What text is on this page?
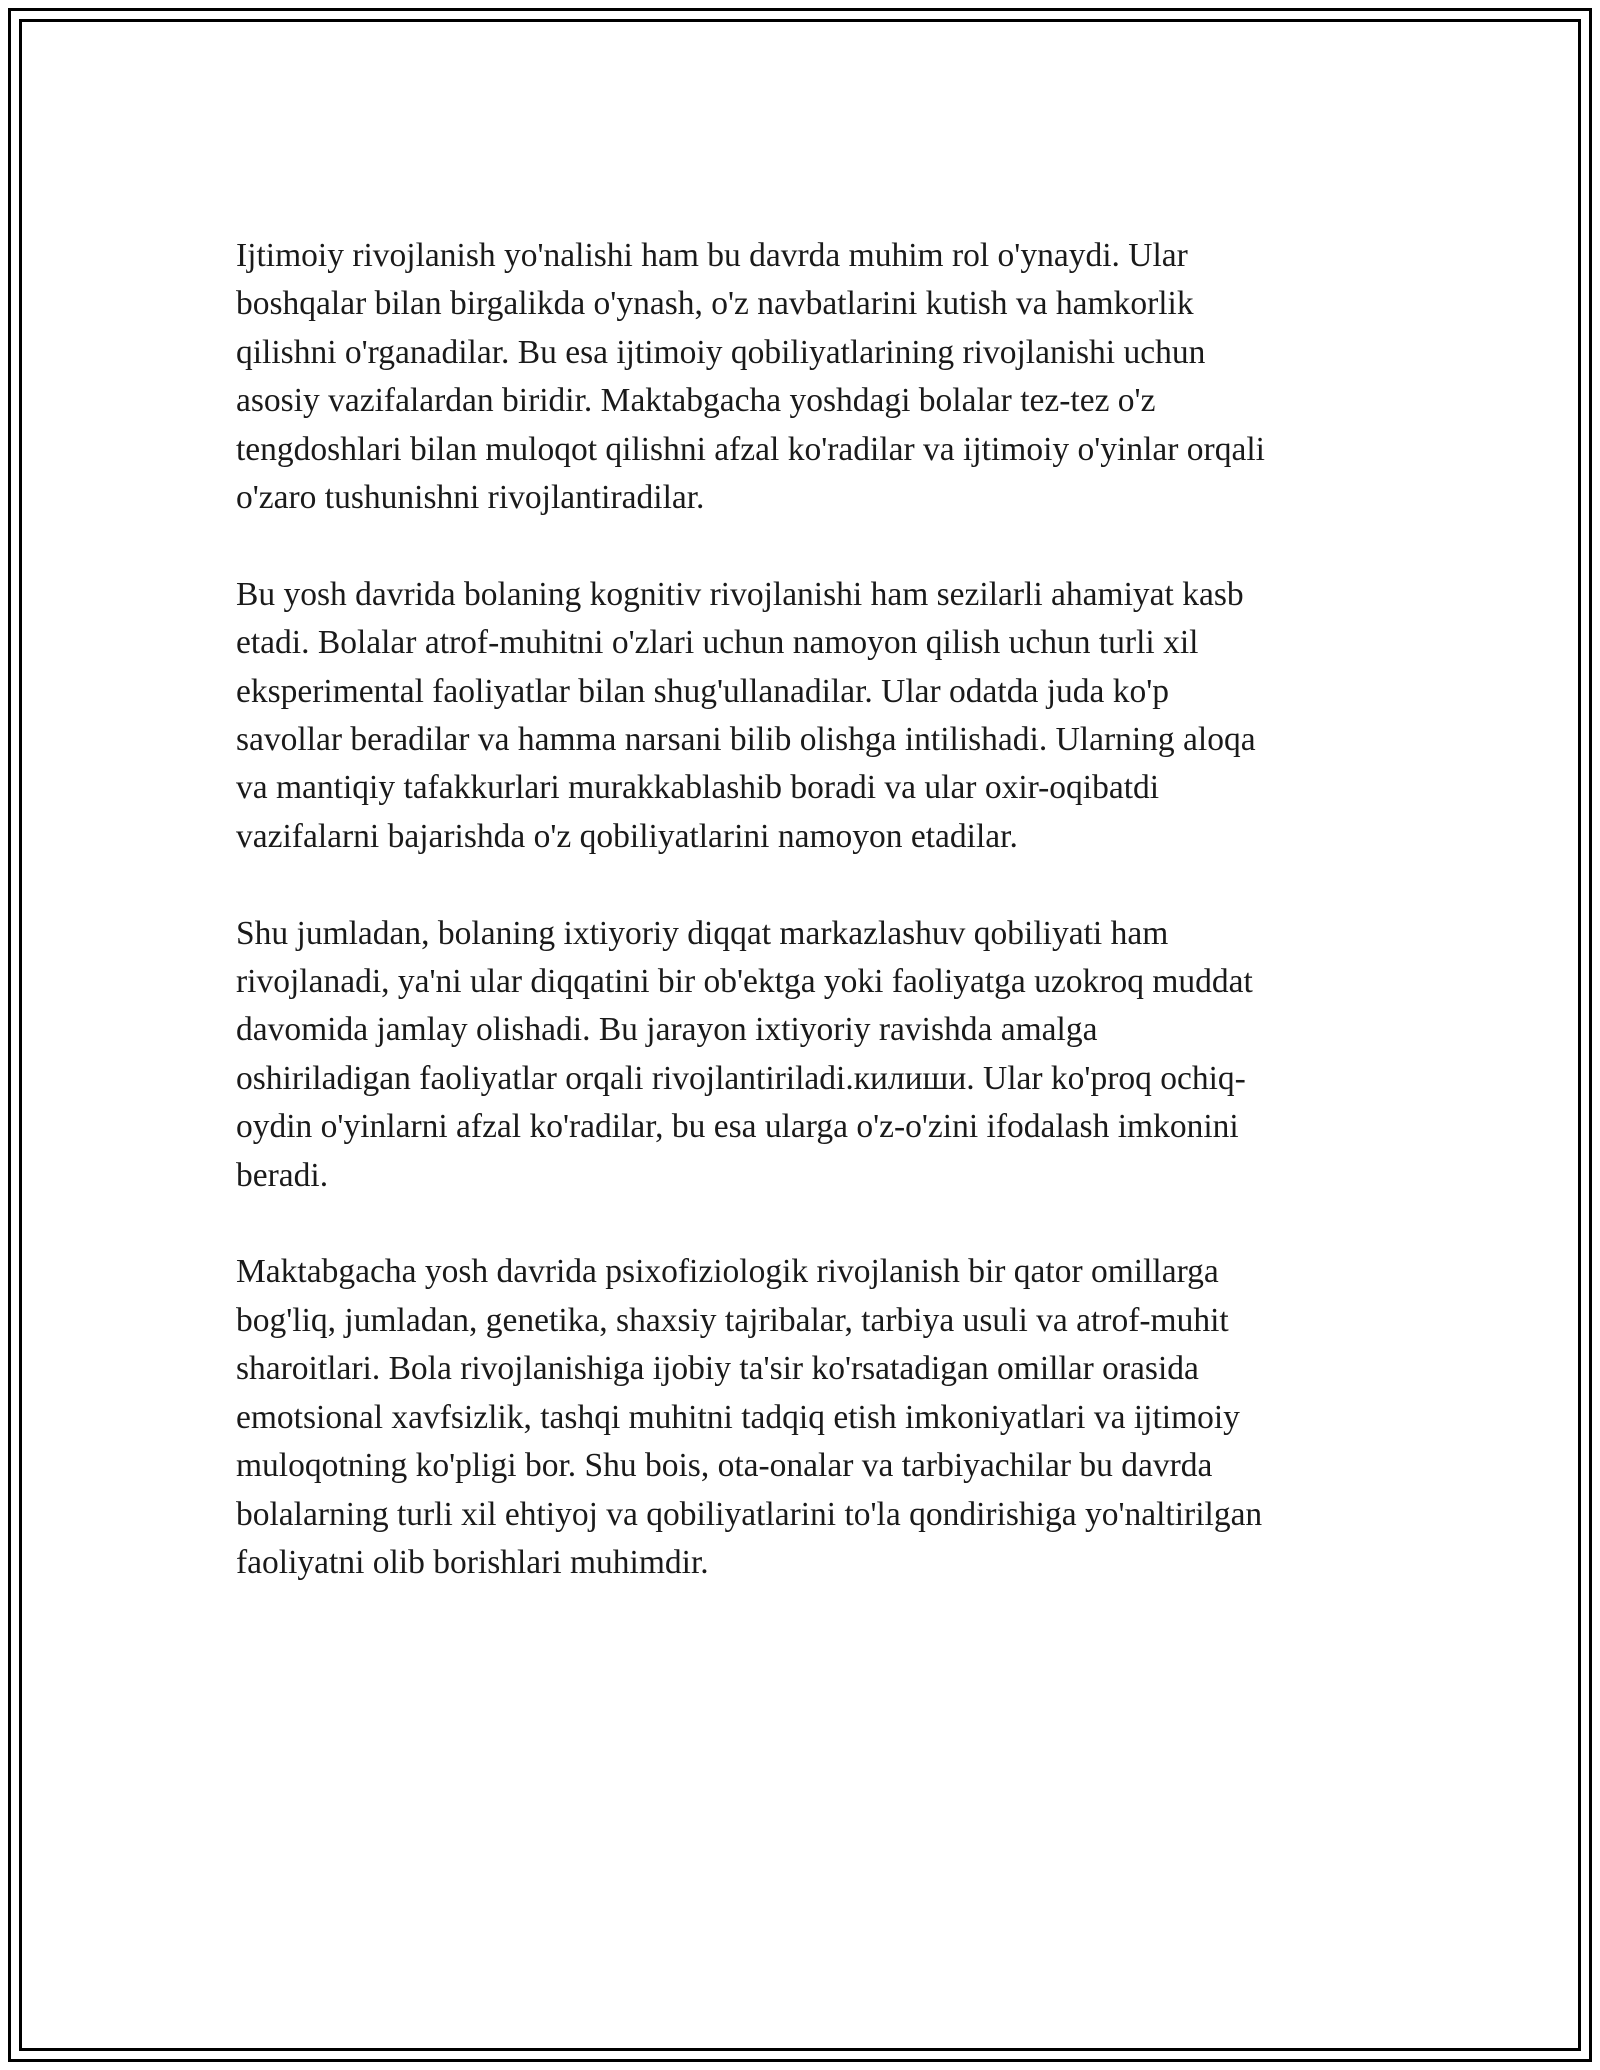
Ijtimoiy rivojlanish yo'nalishi ham bu davrda muhim rol o'ynaydi. Ular
boshqalar bilan birgalikda o'ynash, o'z navbatlarini kutish va hamkorlik
qilishni o'rganadilar. Bu esa ijtimoiy qobiliyatlarining rivojlanishi uchun
asosiy vazifalardan biridir. Maktabgacha yoshdagi bolalar tez-tez o'z
tengdoshlari bilan muloqot qilishni afzal ko'radilar va ijtimoiy o'yinlar orqali
o'zaro tushunishni rivojlantiradilar.

Bu yosh davrida bolaning kognitiv rivojlanishi ham sezilarli ahamiyat kasb
etadi. Bolalar atrof-muhitni o'zlari uchun namoyon qilish uchun turli xil
eksperimental faoliyatlar bilan shug'ullanadilar. Ular odatda juda ko'p
savollar beradilar va hamma narsani bilib olishga intilishadi. Ularning aloqa
va mantiqiy tafakkurlari murakkablashib boradi va ular oxir-oqibatdi
vazifalarni bajarishda o'z qobiliyatlarini namoyon etadilar.

Shu jumladan, bolaning ixtiyoriy diqqat markazlashuv qobiliyati ham
rivojlanadi, ya'ni ular diqqatini bir ob'ektga yoki faoliyatga uzokroq muddat
davomida jamlay olishadi. Bu jarayon ixtiyoriy ravishda amalga
oshiriladigan faoliyatlar orqali rivojlantiriladi.килиши. Ular ko'proq ochiq-
oydin o'yinlarni afzal ko'radilar, bu esa ularga o'z-o'zini ifodalash imkonini
beradi.

Maktabgacha yosh davrida psixofiziologik rivojlanish bir qator omillarga
bog'liq, jumladan, genetika, shaxsiy tajribalar, tarbiya usuli va atrof-muhit
sharoitlari. Bola rivojlanishiga ijobiy ta'sir ko'rsatadigan omillar orasida
emotsional xavfsizlik, tashqi muhitni tadqiq etish imkoniyatlari va ijtimoiy
muloqotning ko'pligi bor. Shu bois, ota-onalar va tarbiyachilar bu davrda
bolalarning turli xil ehtiyoj va qobiliyatlarini to'la qondirishiga yo'naltirilgan
faoliyatni olib borishlari muhimdir.
